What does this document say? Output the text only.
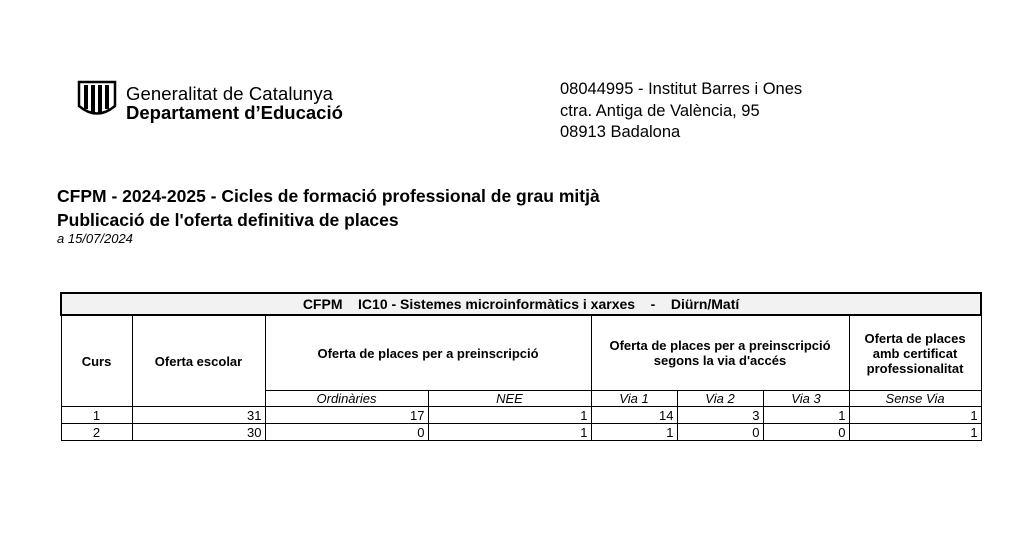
Generalitat de Catalunya
Departament d’Educació
08044995 - Institut Barres i Ones
ctra. Antiga de València, 95
08913 Badalona
CFPM - 2024-2025 - Cicles de formació professional de grau mitjà
Publicació de l'oferta definitiva de places
a 15/07/2024
CFPM    IC10 - Sistemes microinformàtics i xarxes    -    Diürn/Matí							
Curs	Oferta escolar	Oferta de places per a preinscripció		Oferta de places per a preinscripció segons la via d'accés			Oferta de places amb certificat professionalitat
		Ordinàries	NEE	Via 1	Via 2	Via 3	Sense Via
1	31	17	1	14	3	1	1
2	30	0	1	1	0	0	1
